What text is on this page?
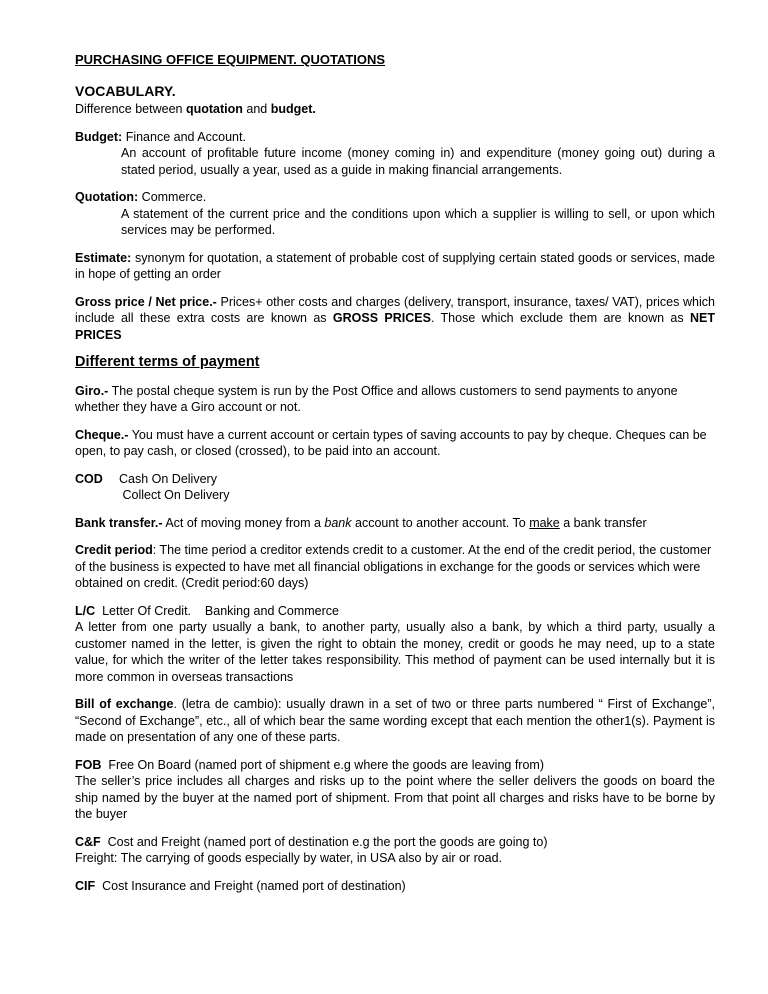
PURCHASING OFFICE EQUIPMENT. QUOTATIONS
VOCABULARY.
Difference between quotation and budget.
Budget: Finance and Account.
An account of profitable future income (money coming in) and expenditure (money going out) during a stated period, usually a year, used as a guide in making financial arrangements.
Quotation: Commerce.
A statement of the current price and the conditions upon which a supplier is willing to sell, or upon which services may be performed.
Estimate: synonym for quotation, a statement of probable cost of supplying certain stated goods or services, made in hope of getting an order
Gross price / Net price.- Prices+ other costs and charges (delivery, transport, insurance, taxes/ VAT), prices which include all these extra costs are known as GROSS PRICES. Those which exclude them are known as NET PRICES
Different terms of payment
Giro.- The postal cheque system is run by the Post Office and allows customers to send payments to anyone whether they have a Giro account or not.
Cheque.- You must have a current account or certain types of saving accounts to pay by cheque. Cheques can be open, to pay cash, or closed (crossed), to be paid into an account.
COD	Cash On Delivery
Collect On Delivery
Bank transfer.- Act of moving money from a bank account to another account. To make a bank transfer
Credit period: The time period a creditor extends credit to a customer. At the end of the credit period, the customer of the business is expected to have met all financial obligations in exchange for the goods or services which were obtained on credit. (Credit period:60 days)
L/C  Letter Of Credit.    Banking and Commerce
A letter from one party usually a bank, to another party, usually also a bank, by which a third party, usually a customer named in the letter, is given the right to obtain the money, credit or goods he may need, up to a state value, for which the writer of the letter takes responsibility. This method of payment can be used internally but it is more common in overseas transactions
Bill of exchange. (letra de cambio): usually drawn in a set of two or three parts numbered “ First of Exchange”, “Second of Exchange”, etc., all of which bear the same wording except that each mention the other1(s). Payment is made on presentation of any one of these parts.
FOB  Free On Board (named port of shipment e.g where the goods are leaving from)
The seller’s price includes all charges and risks up to the point where the seller delivers the goods on board the ship named by the buyer at the named port of shipment. From that point all charges and risks have to be borne by the buyer
C&F  Cost and Freight (named port of destination e.g the port the goods are going to)
Freight: The carrying of goods especially by water, in USA also by air or road.
CIF  Cost Insurance and Freight (named port of destination)
